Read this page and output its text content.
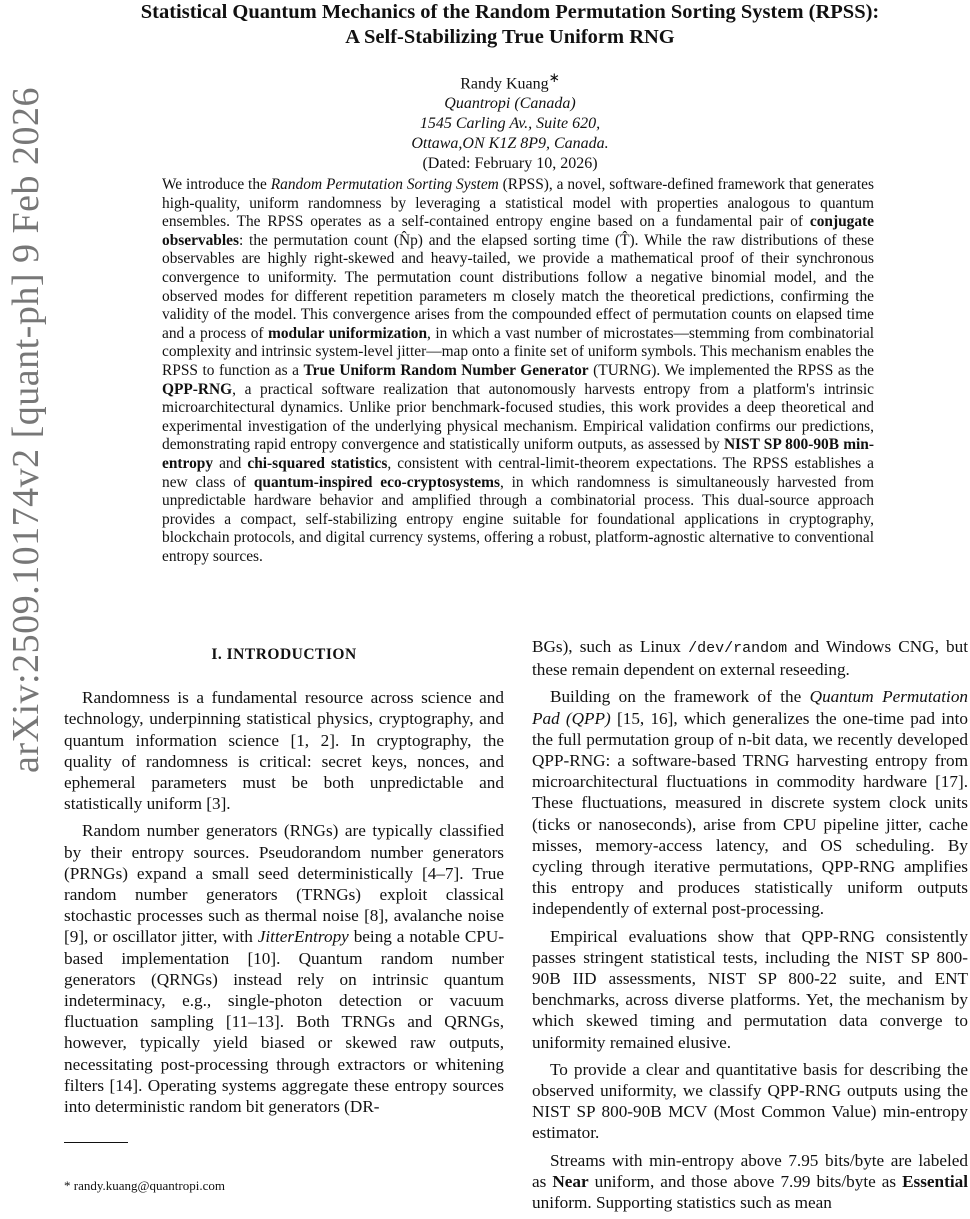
arXiv:2509.10174v2 [quant-ph] 9 Feb 2026
Statistical Quantum Mechanics of the Random Permutation Sorting System (RPSS):
A Self-Stabilizing True Uniform RNG
Randy Kuang∗
Quantropi (Canada)
1545 Carling Av., Suite 620,
Ottawa,ON K1Z 8P9, Canada.
(Dated: February 10, 2026)
We introduce the Random Permutation Sorting System (RPSS), a novel, software-defined framework that generates high-quality, uniform randomness by leveraging a statistical model with properties analogous to quantum ensembles. The RPSS operates as a self-contained entropy engine based on a fundamental pair of conjugate observables: the permutation count (N̂p) and the elapsed sorting time (T̂). While the raw distributions of these observables are highly right-skewed and heavy-tailed, we provide a mathematical proof of their synchronous convergence to uniformity. The permutation count distributions follow a negative binomial model, and the observed modes for different repetition parameters m closely match the theoretical predictions, confirming the validity of the model. This convergence arises from the compounded effect of permutation counts on elapsed time and a process of modular uniformization, in which a vast number of microstates—stemming from combinatorial complexity and intrinsic system-level jitter—map onto a finite set of uniform symbols. This mechanism enables the RPSS to function as a True Uniform Random Number Generator (TURNG). We implemented the RPSS as the QPP-RNG, a practical software realization that autonomously harvests entropy from a platform's intrinsic microarchitectural dynamics. Unlike prior benchmark-focused studies, this work provides a deep theoretical and experimental investigation of the underlying physical mechanism. Empirical validation confirms our predictions, demonstrating rapid entropy convergence and statistically uniform outputs, as assessed by NIST SP 800-90B min-entropy and chi-squared statistics, consistent with central-limit-theorem expectations. The RPSS establishes a new class of quantum-inspired eco-cryptosystems, in which randomness is simultaneously harvested from unpredictable hardware behavior and amplified through a combinatorial process. This dual-source approach provides a compact, self-stabilizing entropy engine suitable for foundational applications in cryptography, blockchain protocols, and digital currency systems, offering a robust, platform-agnostic alternative to conventional entropy sources.
I. INTRODUCTION

Randomness is a fundamental resource across science and technology, underpinning statistical physics, cryptography, and quantum information science [1, 2]. In cryptography, the quality of randomness is critical: secret keys, nonces, and ephemeral parameters must be both unpredictable and statistically uniform [3].

Random number generators (RNGs) are typically classified by their entropy sources. Pseudorandom number generators (PRNGs) expand a small seed deterministically [4–7]. True random number generators (TRNGs) exploit classical stochastic processes such as thermal noise [8], avalanche noise [9], or oscillator jitter, with JitterEntropy being a notable CPU-based implementation [10]. Quantum random number generators (QRNGs) instead rely on intrinsic quantum indeterminacy, e.g., single-photon detection or vacuum fluctuation sampling [11–13]. Both TRNGs and QRNGs, however, typically yield biased or skewed raw outputs, necessitating post-processing through extractors or whitening filters [14]. Operating systems aggregate these entropy sources into deterministic random bit generators (DR-

BGs), such as Linux /dev/random and Windows CNG, but these remain dependent on external reseeding.

Building on the framework of the Quantum Permutation Pad (QPP) [15, 16], which generalizes the one-time pad into the full permutation group of n-bit data, we recently developed QPP-RNG: a software-based TRNG harvesting entropy from microarchitectural fluctuations in commodity hardware [17]. These fluctuations, measured in discrete system clock units (ticks or nanoseconds), arise from CPU pipeline jitter, cache misses, memory-access latency, and OS scheduling. By cycling through iterative permutations, QPP-RNG amplifies this entropy and produces statistically uniform outputs independently of external post-processing.

Empirical evaluations show that QPP-RNG consistently passes stringent statistical tests, including the NIST SP 800-90B IID assessments, NIST SP 800-22 suite, and ENT benchmarks, across diverse platforms. Yet, the mechanism by which skewed timing and permutation data converge to uniformity remained elusive.

To provide a clear and quantitative basis for describing the observed uniformity, we classify QPP-RNG outputs using the NIST SP 800-90B MCV (Most Common Value) min-entropy estimator.

Streams with min-entropy above 7.95 bits/byte are labeled as Near uniform, and those above 7.99 bits/byte as Essential uniform. Supporting statistics such as mean

* randy.kuang@quantropi.com
